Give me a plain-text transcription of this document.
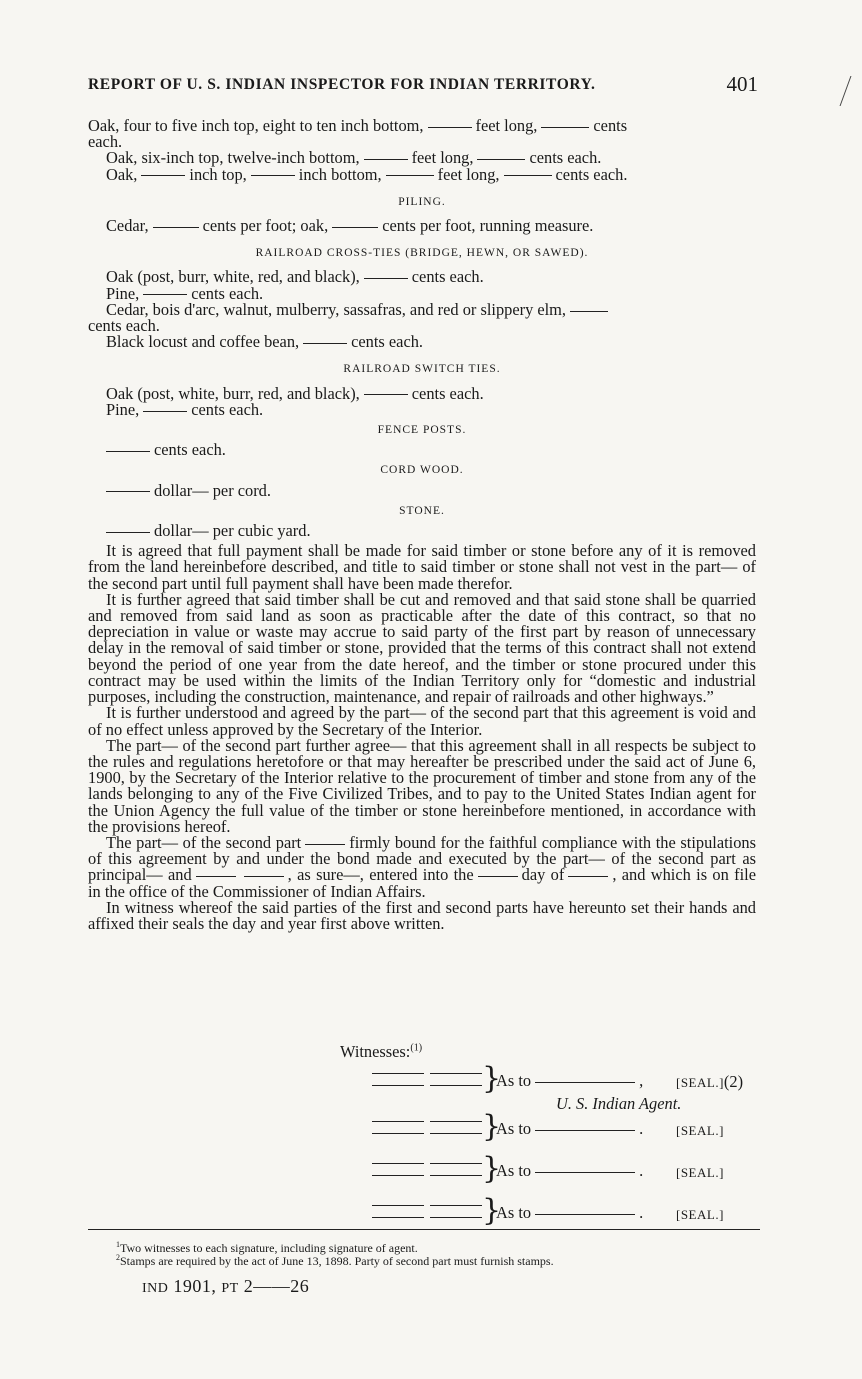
REPORT OF U. S. INDIAN INSPECTOR FOR INDIAN TERRITORY.	401

Oak, four to five inch top, eight to ten inch bottom,	feet long,	cents
each.

Oak, six-inch top, twelve-inch bottom,	feet long,	cents each.

Oak,	inch top,	inch bottom,	feet long,	cents each.

PILING.

Cedar,	cents per foot; oak,	cents per foot, running measure.

RAILROAD CROSS-TIES (BRIDGE, HEWN, OR SAWED).

Oak (post, burr, white, red, and black),	cents each.

Pine,	cents each.

Cedar, bois d'arc, walnut, mulberry, sassafras, and red or slippery elm,
cents each.

Black locust and coffee bean,	cents each.

RAILROAD SWITCH TIES.

Oak (post, white, burr, red, and black),	cents each.

Pine,	cents each.

FENCE POSTS.

cents each.

CORD WOOD.

dollar— per cord.

STONE.

dollar— per cubic yard.

It is agreed that full payment shall be made for said timber or stone before any of it is removed from the land hereinbefore described, and title to said timber or stone shall not vest in the part— of the second part until full payment shall have been made therefor.

It is further agreed that said timber shall be cut and removed and that said stone shall be quarried and removed from said land as soon as practicable after the date of this contract, so that no depreciation in value or waste may accrue to said party of the first part by reason of unnecessary delay in the removal of said timber or stone, provided that the terms of this contract shall not extend beyond the period of one year from the date hereof, and the timber or stone procured under this contract may be used within the limits of the Indian Territory only for “domestic and industrial purposes, including the construction, maintenance, and repair of railroads and other highways.”

It is further understood and agreed by the part— of the second part that this agreement is void and of no effect unless approved by the Secretary of the Interior.

The part— of the second part further agree— that this agreement shall in all respects be subject to the rules and regulations heretofore or that may hereafter be prescribed under the said act of June 6, 1900, by the Secretary of the Interior relative to the procurement of timber and stone from any of the lands belonging to any of the Five Civilized Tribes, and to pay to the United States Indian agent for the Union Agency the full value of the timber or stone hereinbefore mentioned, in accordance with the provisions hereof.

The part— of the second part	firmly bound for the faithful compliance with the stipulations of this agreement by and under the bond made and executed by the part— of the second part as principal— and	, as sure—, entered into the	day of	, and which is on file in the office of the Commissioner of Indian Affairs.

In witness whereof the said parties of the first and second parts have hereunto set their hands and affixed their seals the day and year first above written.

Witnesses:$^{(1)}$
}
As to	,	[SEAL.](2)
U. S. Indian Agent.
}
As to	.	[SEAL.]
}
As to	.	[SEAL.]
}
As to	.	[SEAL.]
$^1$Two witnesses to each signature, including signature of agent.
$^2$Stamps are required by the act of June 13, 1898. Party of second part must furnish stamps.
IND 1901, PT 2——26
